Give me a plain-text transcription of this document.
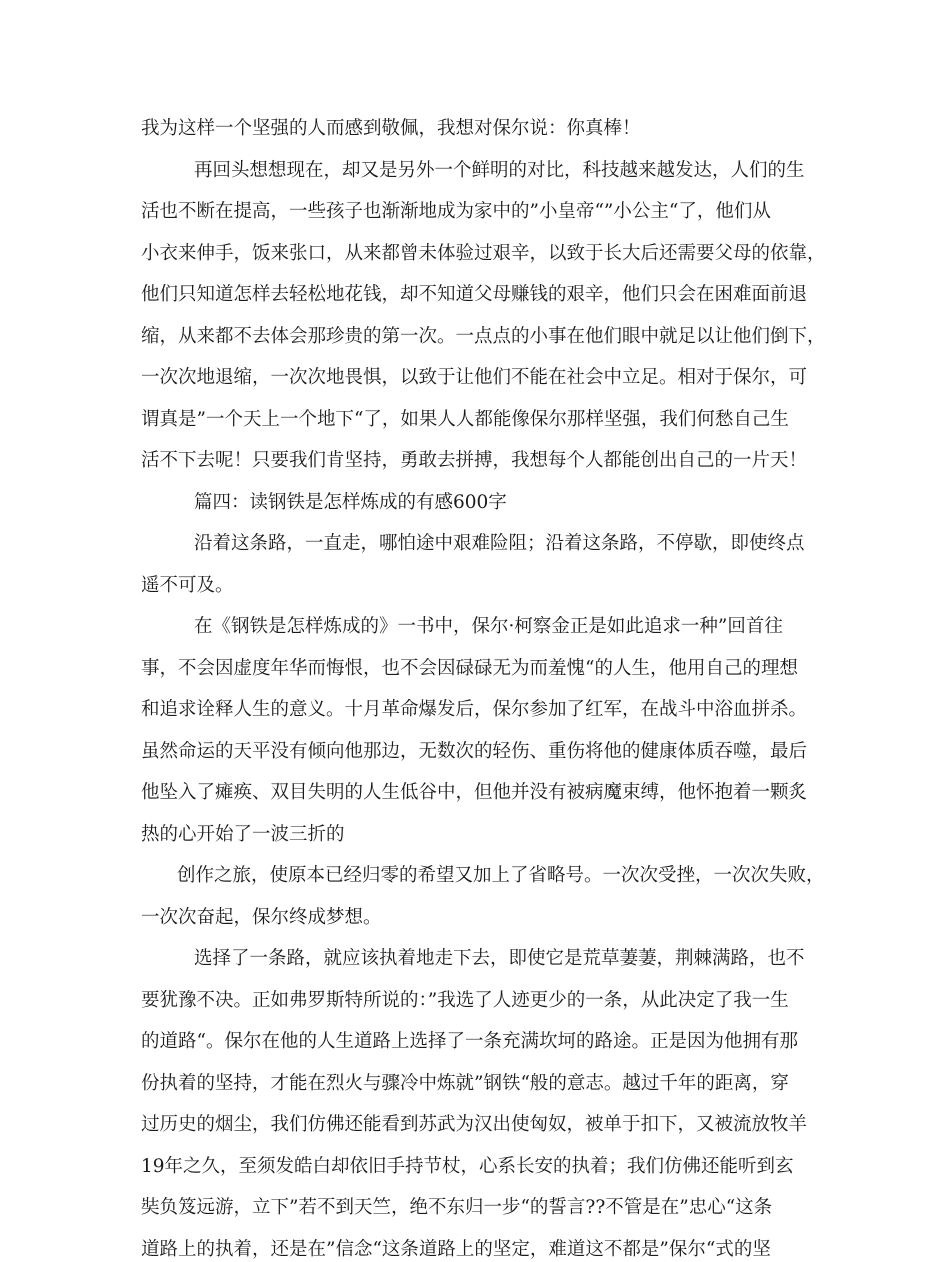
我为这样一个坚强的人而感到敬佩，我想对保尔说：你真棒！
再回头想想现在，却又是另外一个鲜明的对比，科技越来越发达，人们的生
活也不断在提高，一些孩子也渐渐地成为家中的”小皇帝“”小公主“了，他们从
小衣来伸手，饭来张口，从来都曾未体验过艰辛，以致于长大后还需要父母的依靠，
他们只知道怎样去轻松地花钱，却不知道父母赚钱的艰辛，他们只会在困难面前退
缩，从来都不去体会那珍贵的第一次。一点点的小事在他们眼中就足以让他们倒下，
一次次地退缩，一次次地畏惧，以致于让他们不能在社会中立足。相对于保尔，可
谓真是”一个天上一个地下“了，如果人人都能像保尔那样坚强，我们何愁自己生
活不下去呢！只要我们肯坚持，勇敢去拼搏，我想每个人都能创出自己的一片天！
篇四：读钢铁是怎样炼成的有感600字
沿着这条路，一直走，哪怕途中艰难险阻；沿着这条路，不停歇，即使终点
遥不可及。
在《钢铁是怎样炼成的》一书中，保尔·柯察金正是如此追求一种”回首往
事，不会因虚度年华而悔恨，也不会因碌碌无为而羞愧“的人生，他用自己的理想
和追求诠释人生的意义。十月革命爆发后，保尔参加了红军，在战斗中浴血拼杀。
虽然命运的天平没有倾向他那边，无数次的轻伤、重伤将他的健康体质吞噬，最后
他坠入了瘫痪、双目失明的人生低谷中，但他并没有被病魔束缚，他怀抱着一颗炙
热的心开始了一波三折的
创作之旅，使原本已经归零的希望又加上了省略号。一次次受挫，一次次失败，
一次次奋起，保尔终成梦想。
选择了一条路，就应该执着地走下去，即使它是荒草萋萋，荆棘满路，也不
要犹豫不决。正如弗罗斯特所说的：”我选了人迹更少的一条，从此决定了我一生
的道路“。保尔在他的人生道路上选择了一条充满坎坷的路途。正是因为他拥有那
份执着的坚持，才能在烈火与骤冷中炼就”钢铁“般的意志。越过千年的距离，穿
过历史的烟尘，我们仿佛还能看到苏武为汉出使匈奴，被单于扣下，又被流放牧羊
19年之久，至须发皓白却依旧手持节杖，心系长安的执着；我们仿佛还能听到玄
奘负笈远游，立下”若不到天竺，绝不东归一步“的誓言??不管是在”忠心“这条
道路上的执着，还是在”信念“这条道路上的坚定，难道这不都是”保尔“式的坚
